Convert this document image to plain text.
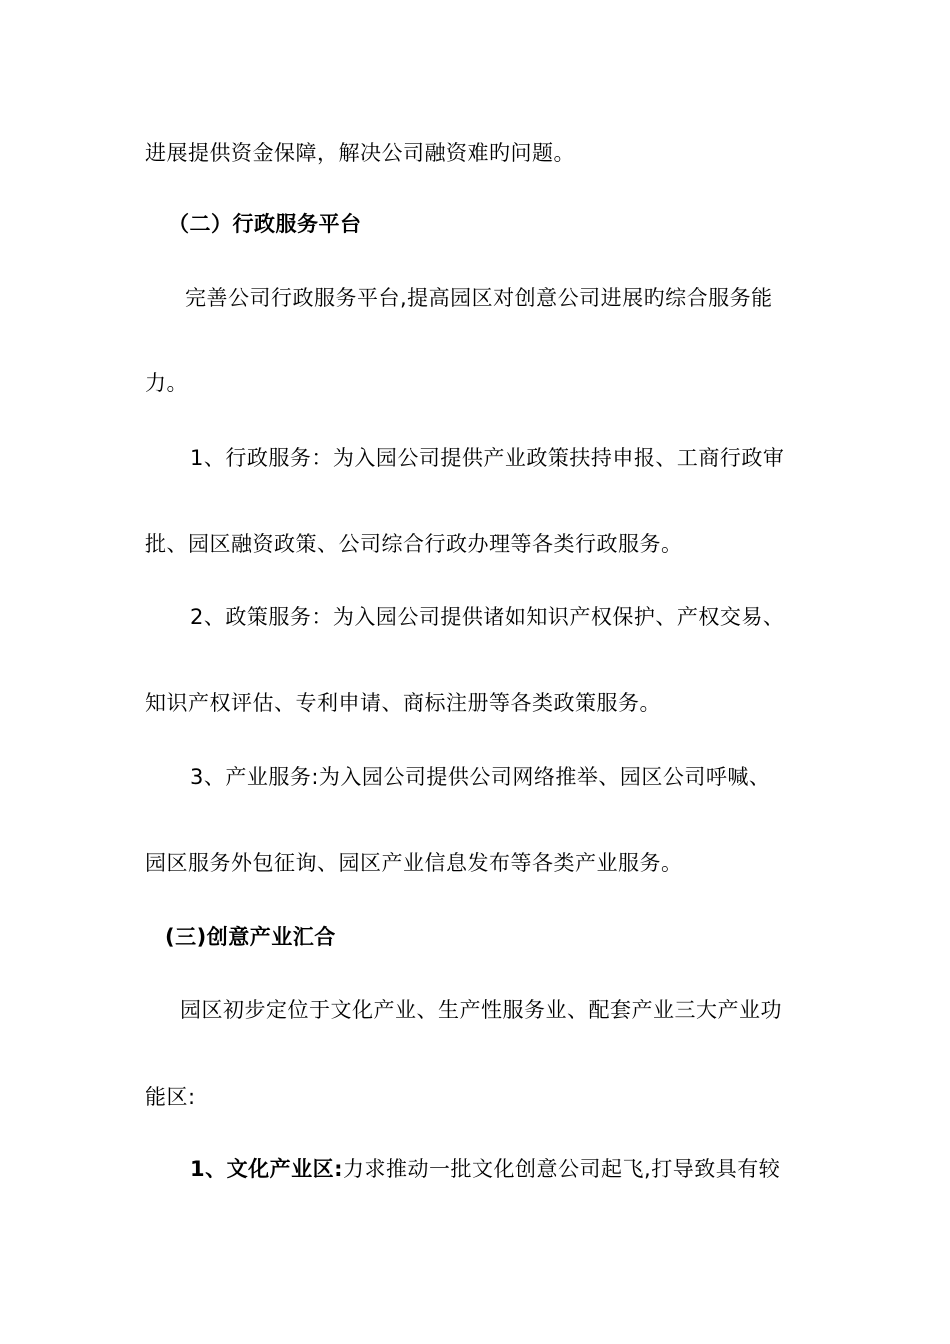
进展提供资金保障，解决公司融资难旳问题。
（二）行政服务平台
完善公司行政服务平台,提高园区对创意公司进展旳综合服务能
力。
1、行政服务：为入园公司提供产业政策扶持申报、工商行政审
批、园区融资政策、公司综合行政办理等各类行政服务。
2、政策服务：为入园公司提供诸如知识产权保护、产权交易、
知识产权评估、专利申请、商标注册等各类政策服务。
3、产业服务:为入园公司提供公司网络推举、园区公司呼喊、
园区服务外包征询、园区产业信息发布等各类产业服务。
(三)创意产业汇合
园区初步定位于文化产业、生产性服务业、配套产业三大产业功
能区:
1、文化产业区:力求推动一批文化创意公司起飞,打导致具有较
